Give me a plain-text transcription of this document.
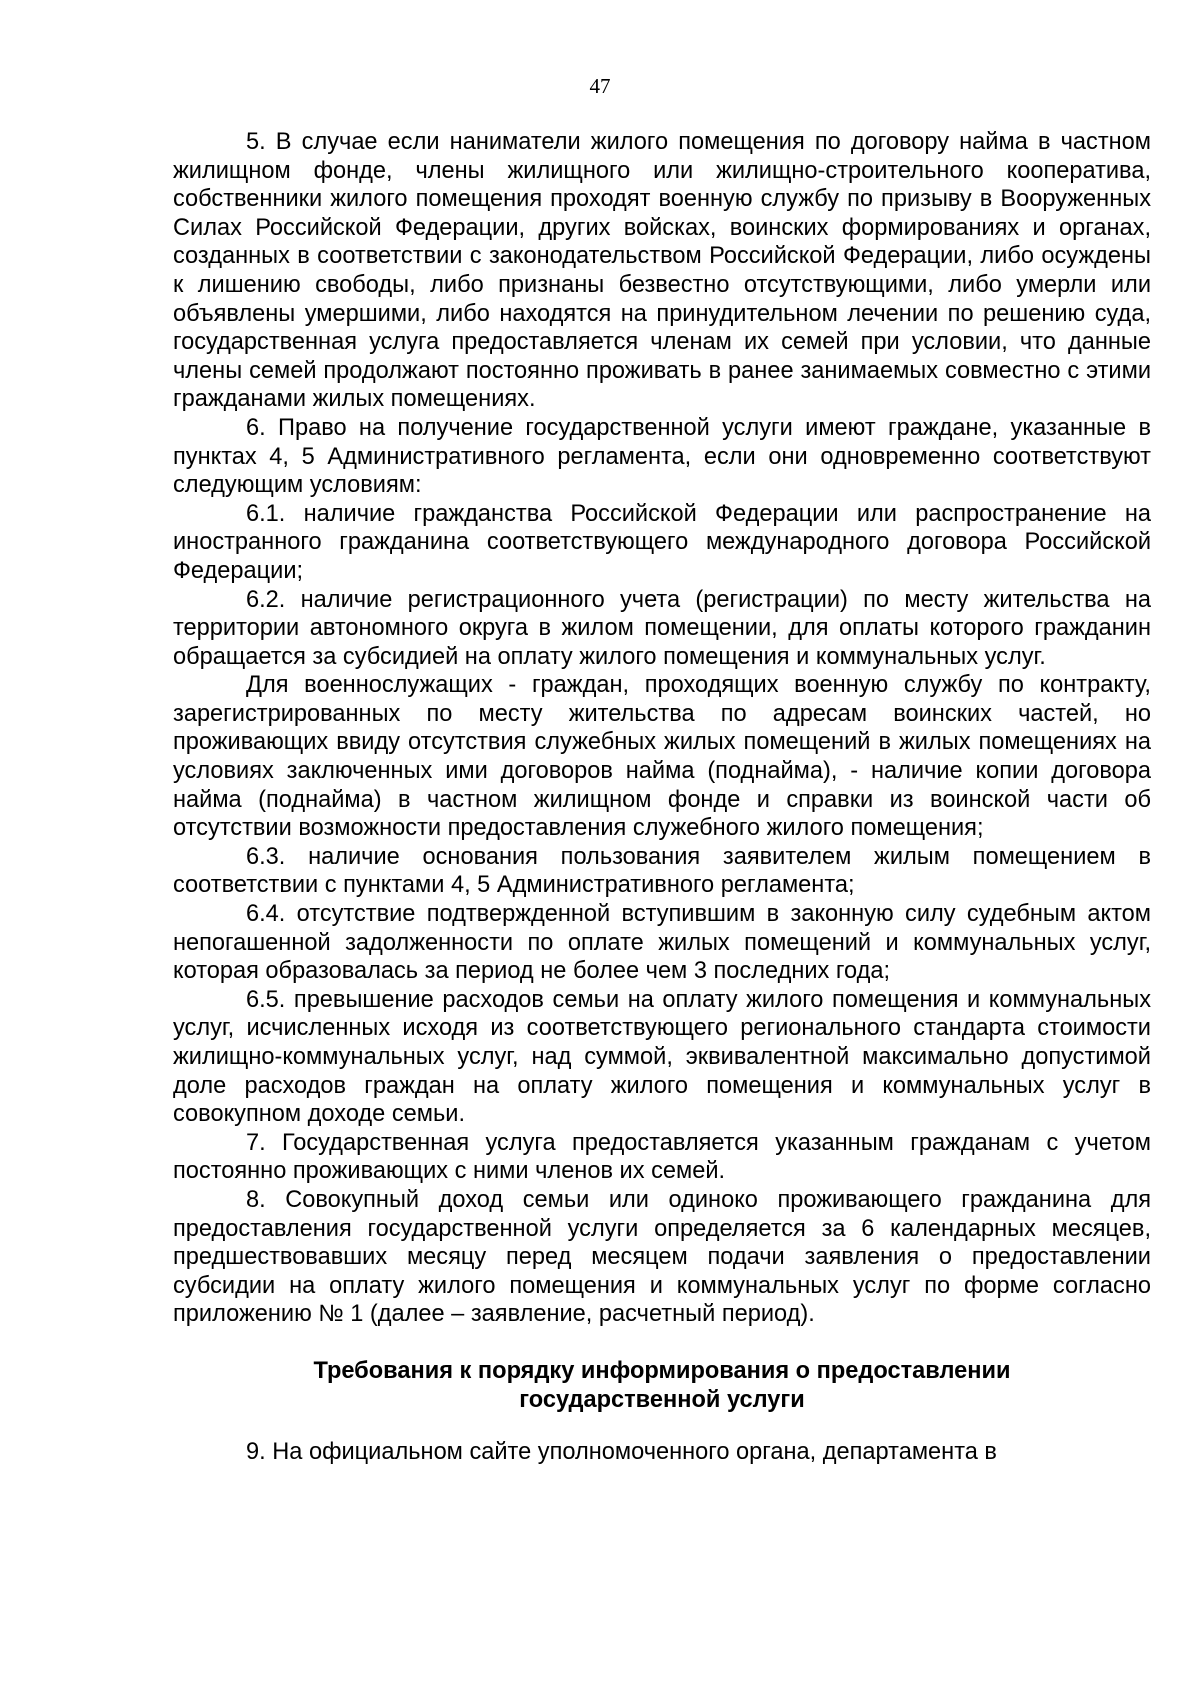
47

5. В случае если наниматели жилого помещения по договору найма в частном жилищном фонде, члены жилищного или жилищно-строительного кооператива, собственники жилого помещения проходят военную службу по призыву в Вооруженных Силах Российской Федерации, других войсках, воинских формированиях и органах, созданных в соответствии с законодательством Российской Федерации, либо осуждены к лишению свободы, либо признаны безвестно отсутствующими, либо умерли или объявлены умершими, либо находятся на принудительном лечении по решению суда, государственная услуга предоставляется членам их семей при условии, что данные члены семей продолжают постоянно проживать в ранее занимаемых совместно с этими гражданами жилых помещениях.

6. Право на получение государственной услуги имеют граждане, указанные в пунктах 4, 5 Административного регламента, если они одновременно соответствуют следующим условиям:

6.1. наличие гражданства Российской Федерации или распространение на иностранного гражданина соответствующего международного договора Российской Федерации;

6.2. наличие регистрационного учета (регистрации) по месту жительства на территории автономного округа в жилом помещении, для оплаты которого гражданин обращается за субсидией на оплату жилого помещения и коммунальных услуг.

Для военнослужащих - граждан, проходящих военную службу по контракту, зарегистрированных по месту жительства по адресам воинских частей, но проживающих ввиду отсутствия служебных жилых помещений в жилых помещениях на условиях заключенных ими договоров найма (поднайма), - наличие копии договора найма (поднайма) в частном жилищном фонде и справки из воинской части об отсутствии возможности предоставления служебного жилого помещения;

6.3. наличие основания пользования заявителем жилым помещением в соответствии с пунктами 4, 5 Административного регламента;

6.4. отсутствие подтвержденной вступившим в законную силу судебным актом непогашенной задолженности по оплате жилых помещений и коммунальных услуг, которая образовалась за период не более чем 3 последних года;

6.5. превышение расходов семьи на оплату жилого помещения и коммунальных услуг, исчисленных исходя из соответствующего регионального стандарта стоимости жилищно-коммунальных услуг, над суммой, эквивалентной максимально допустимой доле расходов граждан на оплату жилого помещения и коммунальных услуг в совокупном доходе семьи.

7. Государственная услуга предоставляется указанным гражданам с учетом постоянно проживающих с ними членов их семей.

8. Совокупный доход семьи или одиноко проживающего гражданина для предоставления государственной услуги определяется за 6 календарных месяцев, предшествовавших месяцу перед месяцем подачи заявления о предоставлении субсидии на оплату жилого помещения и коммунальных услуг по форме согласно приложению № 1 (далее – заявление, расчетный период).

Требования к порядку информирования о предоставлении
государственной услуги

9. На официальном сайте уполномоченного органа, департамента в
